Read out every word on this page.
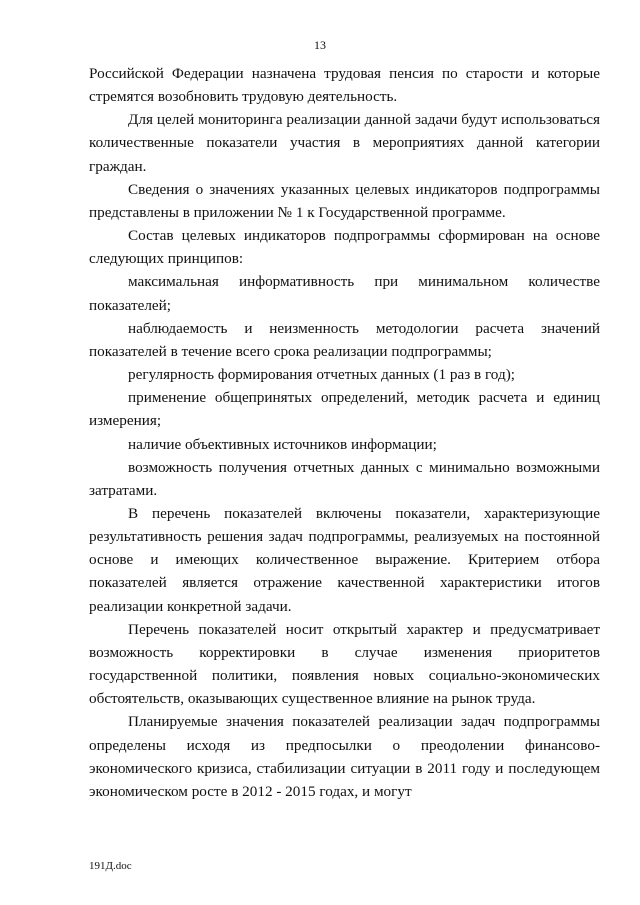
13

Российской Федерации назначена трудовая пенсия по старости и которые стремятся возобновить трудовую деятельность.

Для целей мониторинга реализации данной задачи будут использоваться количественные показатели участия в мероприятиях данной категории граждан.

Сведения о значениях указанных целевых индикаторов подпрограммы представлены в приложении № 1 к Государственной программе.

Состав целевых индикаторов подпрограммы сформирован на основе следующих принципов:

максимальная информативность при минимальном количестве показателей;

наблюдаемость и неизменность методологии расчета значений показателей в течение всего срока реализации подпрограммы;

регулярность формирования отчетных данных (1 раз в год);

применение общепринятых определений, методик расчета и единиц измерения;

наличие объективных источников информации;

возможность получения отчетных данных с минимально возможными затратами.

В перечень показателей включены показатели, характеризующие результативность решения задач подпрограммы, реализуемых на постоянной основе и имеющих количественное выражение. Критерием отбора показателей является отражение качественной характеристики итогов реализации конкретной задачи.

Перечень показателей носит открытый характер и предусматривает возможность корректировки в случае изменения приоритетов государственной политики, появления новых социально-экономических обстоятельств, оказывающих существенное влияние на рынок труда.

Планируемые значения показателей реализации задач подпрограммы определены исходя из предпосылки о преодолении финансово-экономического кризиса, стабилизации ситуации в 2011 году и последующем экономическом росте в 2012 - 2015 годах, и могут

191Д.doc
